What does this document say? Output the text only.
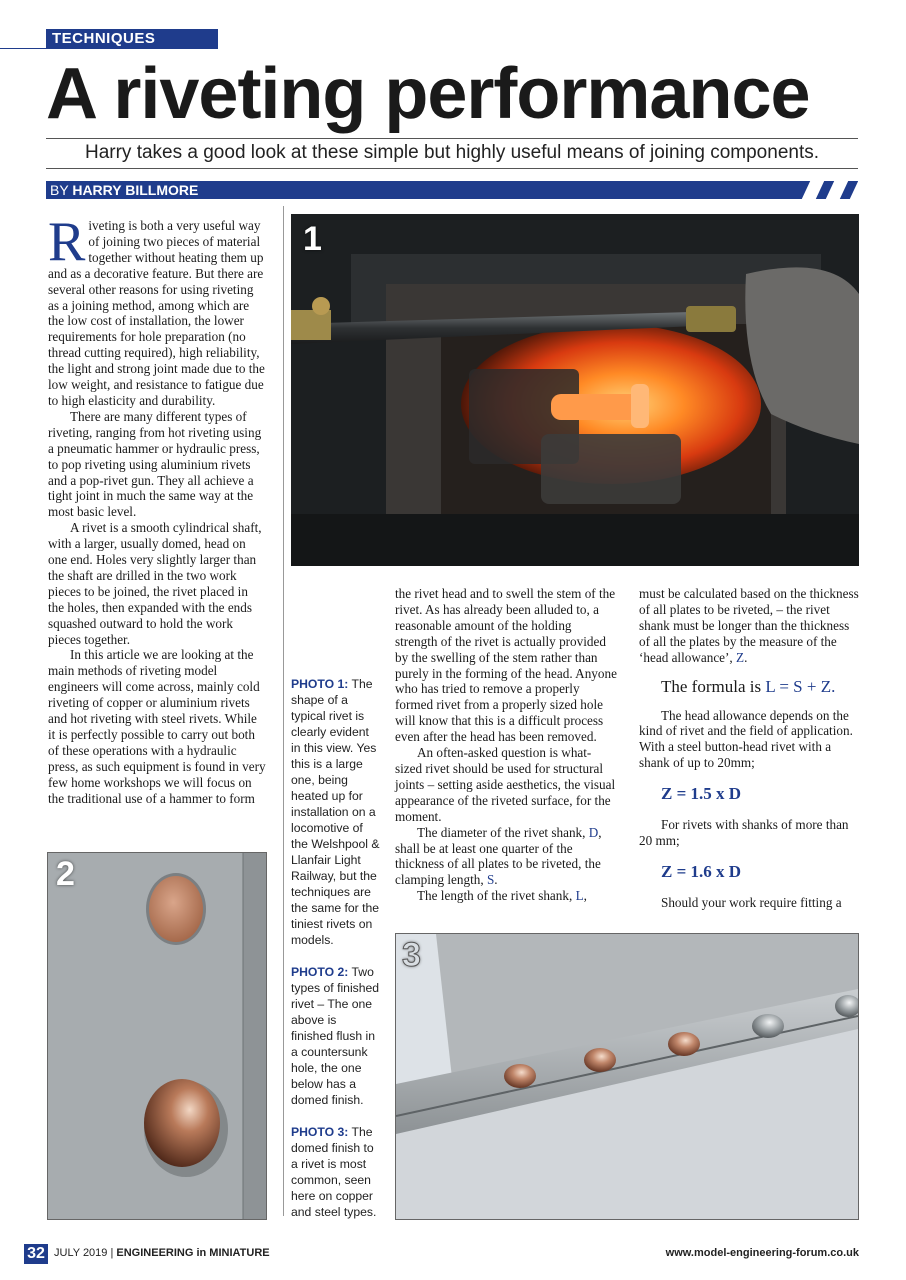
TECHNIQUES
A riveting performance
Harry takes a good look at these simple but highly useful means of joining components.
BY HARRY BILLMORE

Riveting is both a very useful way of joining two pieces of material together without heating them up and as a decorative feature. But there are several other reasons for using riveting as a joining method, among which are the low cost of installation, the lower requirements for hole preparation (no thread cutting required), high reliability, the light and strong joint made due to the low weight, and resistance to fatigue due to high elasticity and durability.

There are many different types of riveting, ranging from hot riveting using a pneumatic hammer or hydraulic press, to pop riveting using aluminium rivets and a pop-rivet gun. They all achieve a tight joint in much the same way at the most basic level.

A rivet is a smooth cylindrical shaft, with a larger, usually domed, head on one end. Holes very slightly larger than the shaft are drilled in the two work pieces to be joined, the rivet placed in the holes, then expanded with the ends squashed outward to hold the work pieces together.

In this article we are looking at the main methods of riveting model engineers will come across, mainly cold riveting of copper or aluminium rivets and hot riveting with steel rivets. While it is perfectly possible to carry out both of these operations with a hydraulic press, as such equipment is found in very few home workshops we will focus on the traditional use of a hammer to form

1
PHOTO 1: The shape of a typical rivet is clearly evident in this view. Yes this is a large one, being heated up for installation on a locomotive of the Welshpool & Llanfair Light Railway, but the techniques are the same for the tiniest rivets on models.
PHOTO 2: Two types of finished rivet – The one above is finished flush in a countersunk hole, the one below has a domed finish.
PHOTO 3: The domed finish to a rivet is most common, seen here on copper and steel types.

the rivet head and to swell the stem of the rivet. As has already been alluded to, a reasonable amount of the holding strength of the rivet is actually provided by the swelling of the stem rather than purely in the forming of the head. Anyone who has tried to remove a properly formed rivet from a properly sized hole will know that this is a difficult process even after the head has been removed.

An often-asked question is what-sized rivet should be used for structural joints – setting aside aesthetics, the visual appearance of the riveted surface, for the moment.

The diameter of the rivet shank, D, shall be at least one quarter of the thickness of all plates to be riveted, the clamping length, S.

The length of the rivet shank, L,

must be calculated based on the thickness of all plates to be riveted, – the rivet shank must be longer than the thickness of all the plates by the measure of the ‘head allowance’, Z.

The formula is L = S + Z.

The head allowance depends on the kind of rivet and the field of application. With a steel button-head rivet with a shank of up to 20mm;

Z = 1.5 x D

For rivets with shanks of more than 20 mm;

Z = 1.6 x D

Should your work require fitting a

2
3
32 JULY 2019 | ENGINEERING in MINIATURE	www.model-engineering-forum.co.uk
